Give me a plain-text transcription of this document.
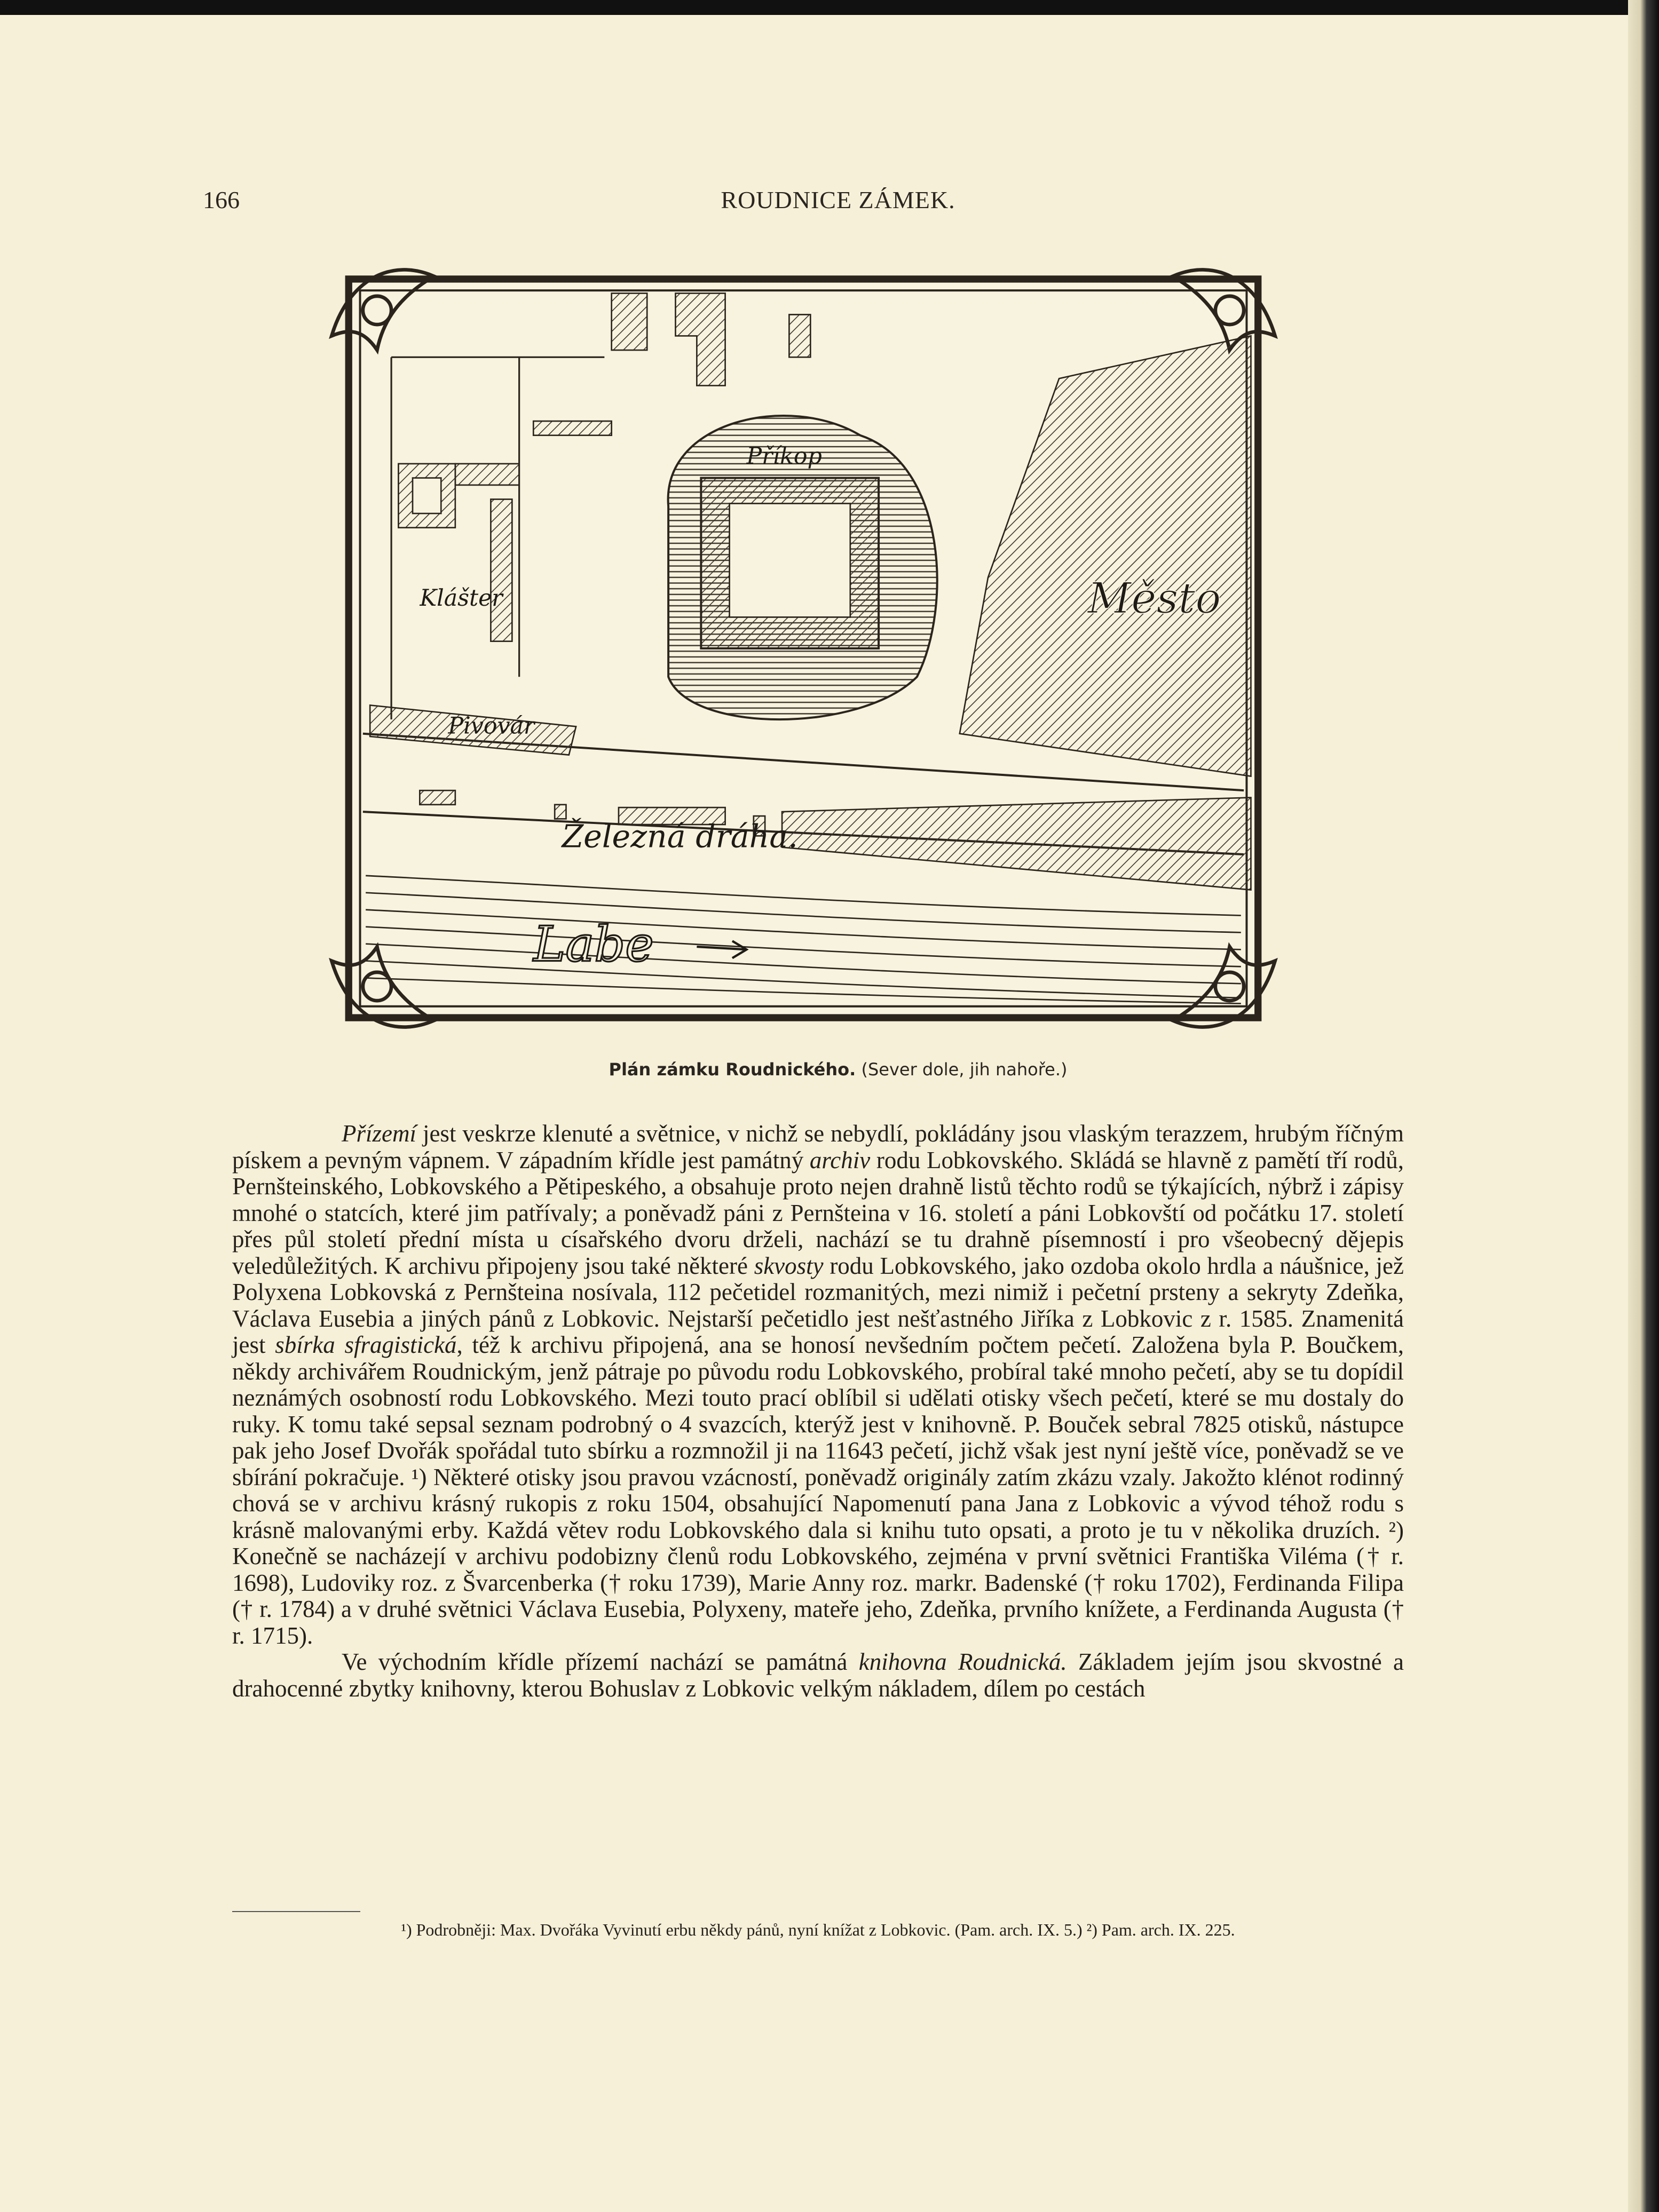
166	ROUDNICE ZÁMEK.
Klášter
Příkop
Pivovár
Město
Železná dráha.
Labe
Plán zámku Roudnického. (Sever dole, jih nahoře.)

Přízemí jest veskrze klenuté a světnice, v nichž se nebydlí, pokládány jsou vlaským terazzem, hrubým říčným pískem a pevným vápnem. V západním křídle jest památný archiv rodu Lobkovského. Skládá se hlavně z pamětí tří rodů, Pernšteinského, Lobkovského a Pětipeského, a obsahuje proto nejen drahně listů těchto rodů se týkajících, nýbrž i zápisy mnohé o statcích, které jim patřívaly; a poněvadž páni z Pernšteina v 16. století a páni Lobkovští od počátku 17. století přes půl století přední místa u císařského dvoru drželi, nachází se tu drahně písemností i pro všeobecný dějepis veledůležitých. K archivu připojeny jsou také některé skvosty rodu Lobkovského, jako ozdoba okolo hrdla a náušnice, jež Polyxena Lobkovská z Pernšteina nosívala, 112 pečetidel rozmanitých, mezi nimiž i pečetní prsteny a sekryty Zdeňka, Václava Eusebia a jiných pánů z Lobkovic. Nejstarší pečetidlo jest nešťastného Jiříka z Lobkovic z r. 1585. Znamenitá jest sbírka sfragistická, též k archivu připojená, ana se honosí nevšedním počtem pečetí. Založena byla P. Boučkem, někdy archivářem Roudnickým, jenž pátraje po původu rodu Lobkovského, probíral také mnoho pečetí, aby se tu dopídil neznámých osobností rodu Lobkovského. Mezi touto prací oblíbil si udělati otisky všech pečetí, které se mu dostaly do ruky. K tomu také sepsal seznam podrobný o 4 svazcích, kterýž jest v knihovně. P. Bouček sebral 7825 otisků, nástupce pak jeho Josef Dvořák spořádal tuto sbírku a rozmnožil ji na 11643 pečetí, jichž však jest nyní ještě více, poněvadž se ve sbírání pokračuje. ¹) Některé otisky jsou pravou vzácností, poněvadž originály zatím zkázu vzaly. Jakožto klénot rodinný chová se v archivu krásný rukopis z roku 1504, obsahující Napomenutí pana Jana z Lobkovic a vývod téhož rodu s krásně malovanými erby. Každá větev rodu Lobkovského dala si knihu tuto opsati, a proto je tu v několika druzích. ²) Konečně se nacházejí v archivu podobizny členů rodu Lobkovského, zejména v první světnici Františka Viléma († r. 1698), Ludoviky roz. z Švarcenberka († roku 1739), Marie Anny roz. markr. Badenské († roku 1702), Ferdinanda Filipa († r. 1784) a v druhé světnici Václava Eusebia, Polyxeny, mateře jeho, Zdeňka, prvního knížete, a Ferdinanda Augusta († r. 1715).

Ve východním křídle přízemí nachází se památná knihovna Roudnická. Základem jejím jsou skvostné a drahocenné zbytky knihovny, kterou Bohuslav z Lobkovic velkým nákladem, dílem po cestách

¹) Podrobněji: Max. Dvořáka Vyvinutí erbu někdy pánů, nyní knížat z Lobkovic. (Pam. arch. IX. 5.) ²) Pam. arch. IX. 225.
